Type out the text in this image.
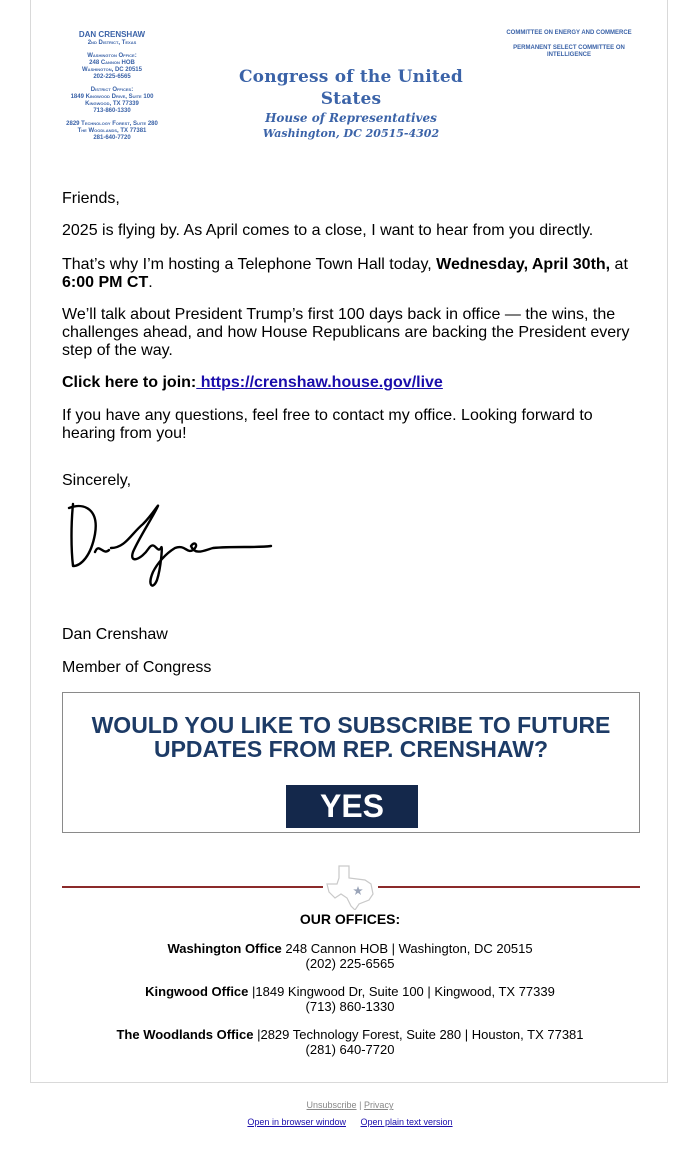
DAN CRENSHAW
2nd District, Texas
Washington Office:
248 Cannon HOB
Washington, DC 20515
202-225-6565
District Offices:
1849 Kingwood Drive, Suite 100
Kingwood, TX 77339
713-860-1330
2829 Technology Forest, Suite 280
The Woodlands, TX 77381
281-640-7720
Congress of the United States
House of Representatives
Washington, DC 20515-4302
COMMITTEE ON ENERGY AND COMMERCE
PERMANENT SELECT COMMITTEE ON
INTELLIGENCE
Friends,
2025 is flying by. As April comes to a close, I want to hear from you directly.
That’s why I’m hosting a Telephone Town Hall today, Wednesday, April 30th, at 6:00 PM CT.
We’ll talk about President Trump’s first 100 days back in office — the wins, the challenges ahead, and how House Republicans are backing the President every step of the way.
Click here to join: https://crenshaw.house.gov/live
If you have any questions, feel free to contact my office. Looking forward to hearing from you!
Sincerely,
Dan Crenshaw
Member of Congress
WOULD YOU LIKE TO SUBSCRIBE TO FUTURE
UPDATES FROM REP. CRENSHAW?
YES
OUR OFFICES:
Washington Office 248 Cannon HOB | Washington, DC 20515
(202) 225-6565
Kingwood Office |1849 Kingwood Dr, Suite 100 | Kingwood, TX 77339
(713) 860-1330
The Woodlands Office |2829 Technology Forest, Suite 280 | Houston, TX 77381
(281) 640-7720
Unsubscribe | Privacy
Open in browser window Open plain text version
